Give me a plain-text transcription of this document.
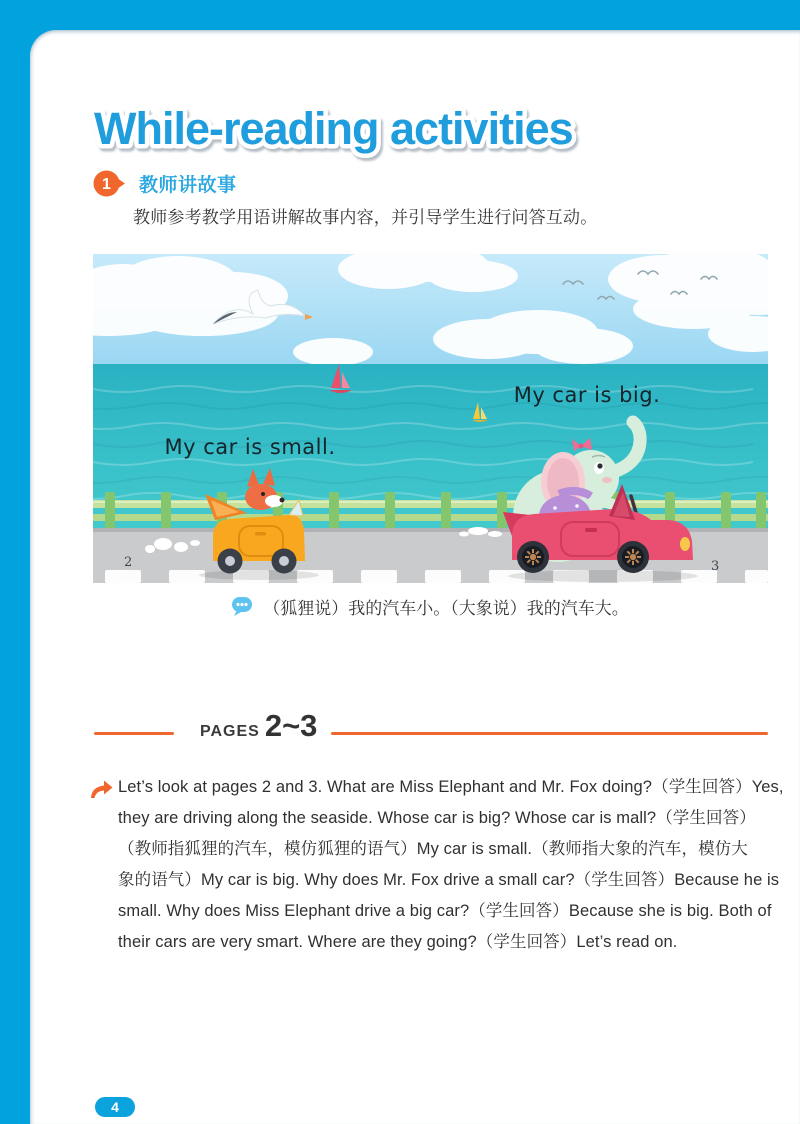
While-reading activities
1 教师讲故事
教师参考教学用语讲解故事内容，并引导学生进行问答互动。
My car is small.
My car is big.
2	3
（狐狸说）我的汽车小。（大象说）我的汽车大。
PAGES 2~3
Let’s look at pages 2 and 3. What are Miss Elephant and Mr. Fox doing?（学生回答）Yes,
they are driving along the seaside. Whose car is big? Whose car is mall?（学生回答）
（教师指狐狸的汽车，模仿狐狸的语气）My car is small.（教师指大象的汽车，模仿大
象的语气）My car is big. Why does Mr. Fox drive a small car?（学生回答）Because he is
small. Why does Miss Elephant drive a big car?（学生回答）Because she is big. Both of
their cars are very smart. Where are they going?（学生回答）Let’s read on.
4
